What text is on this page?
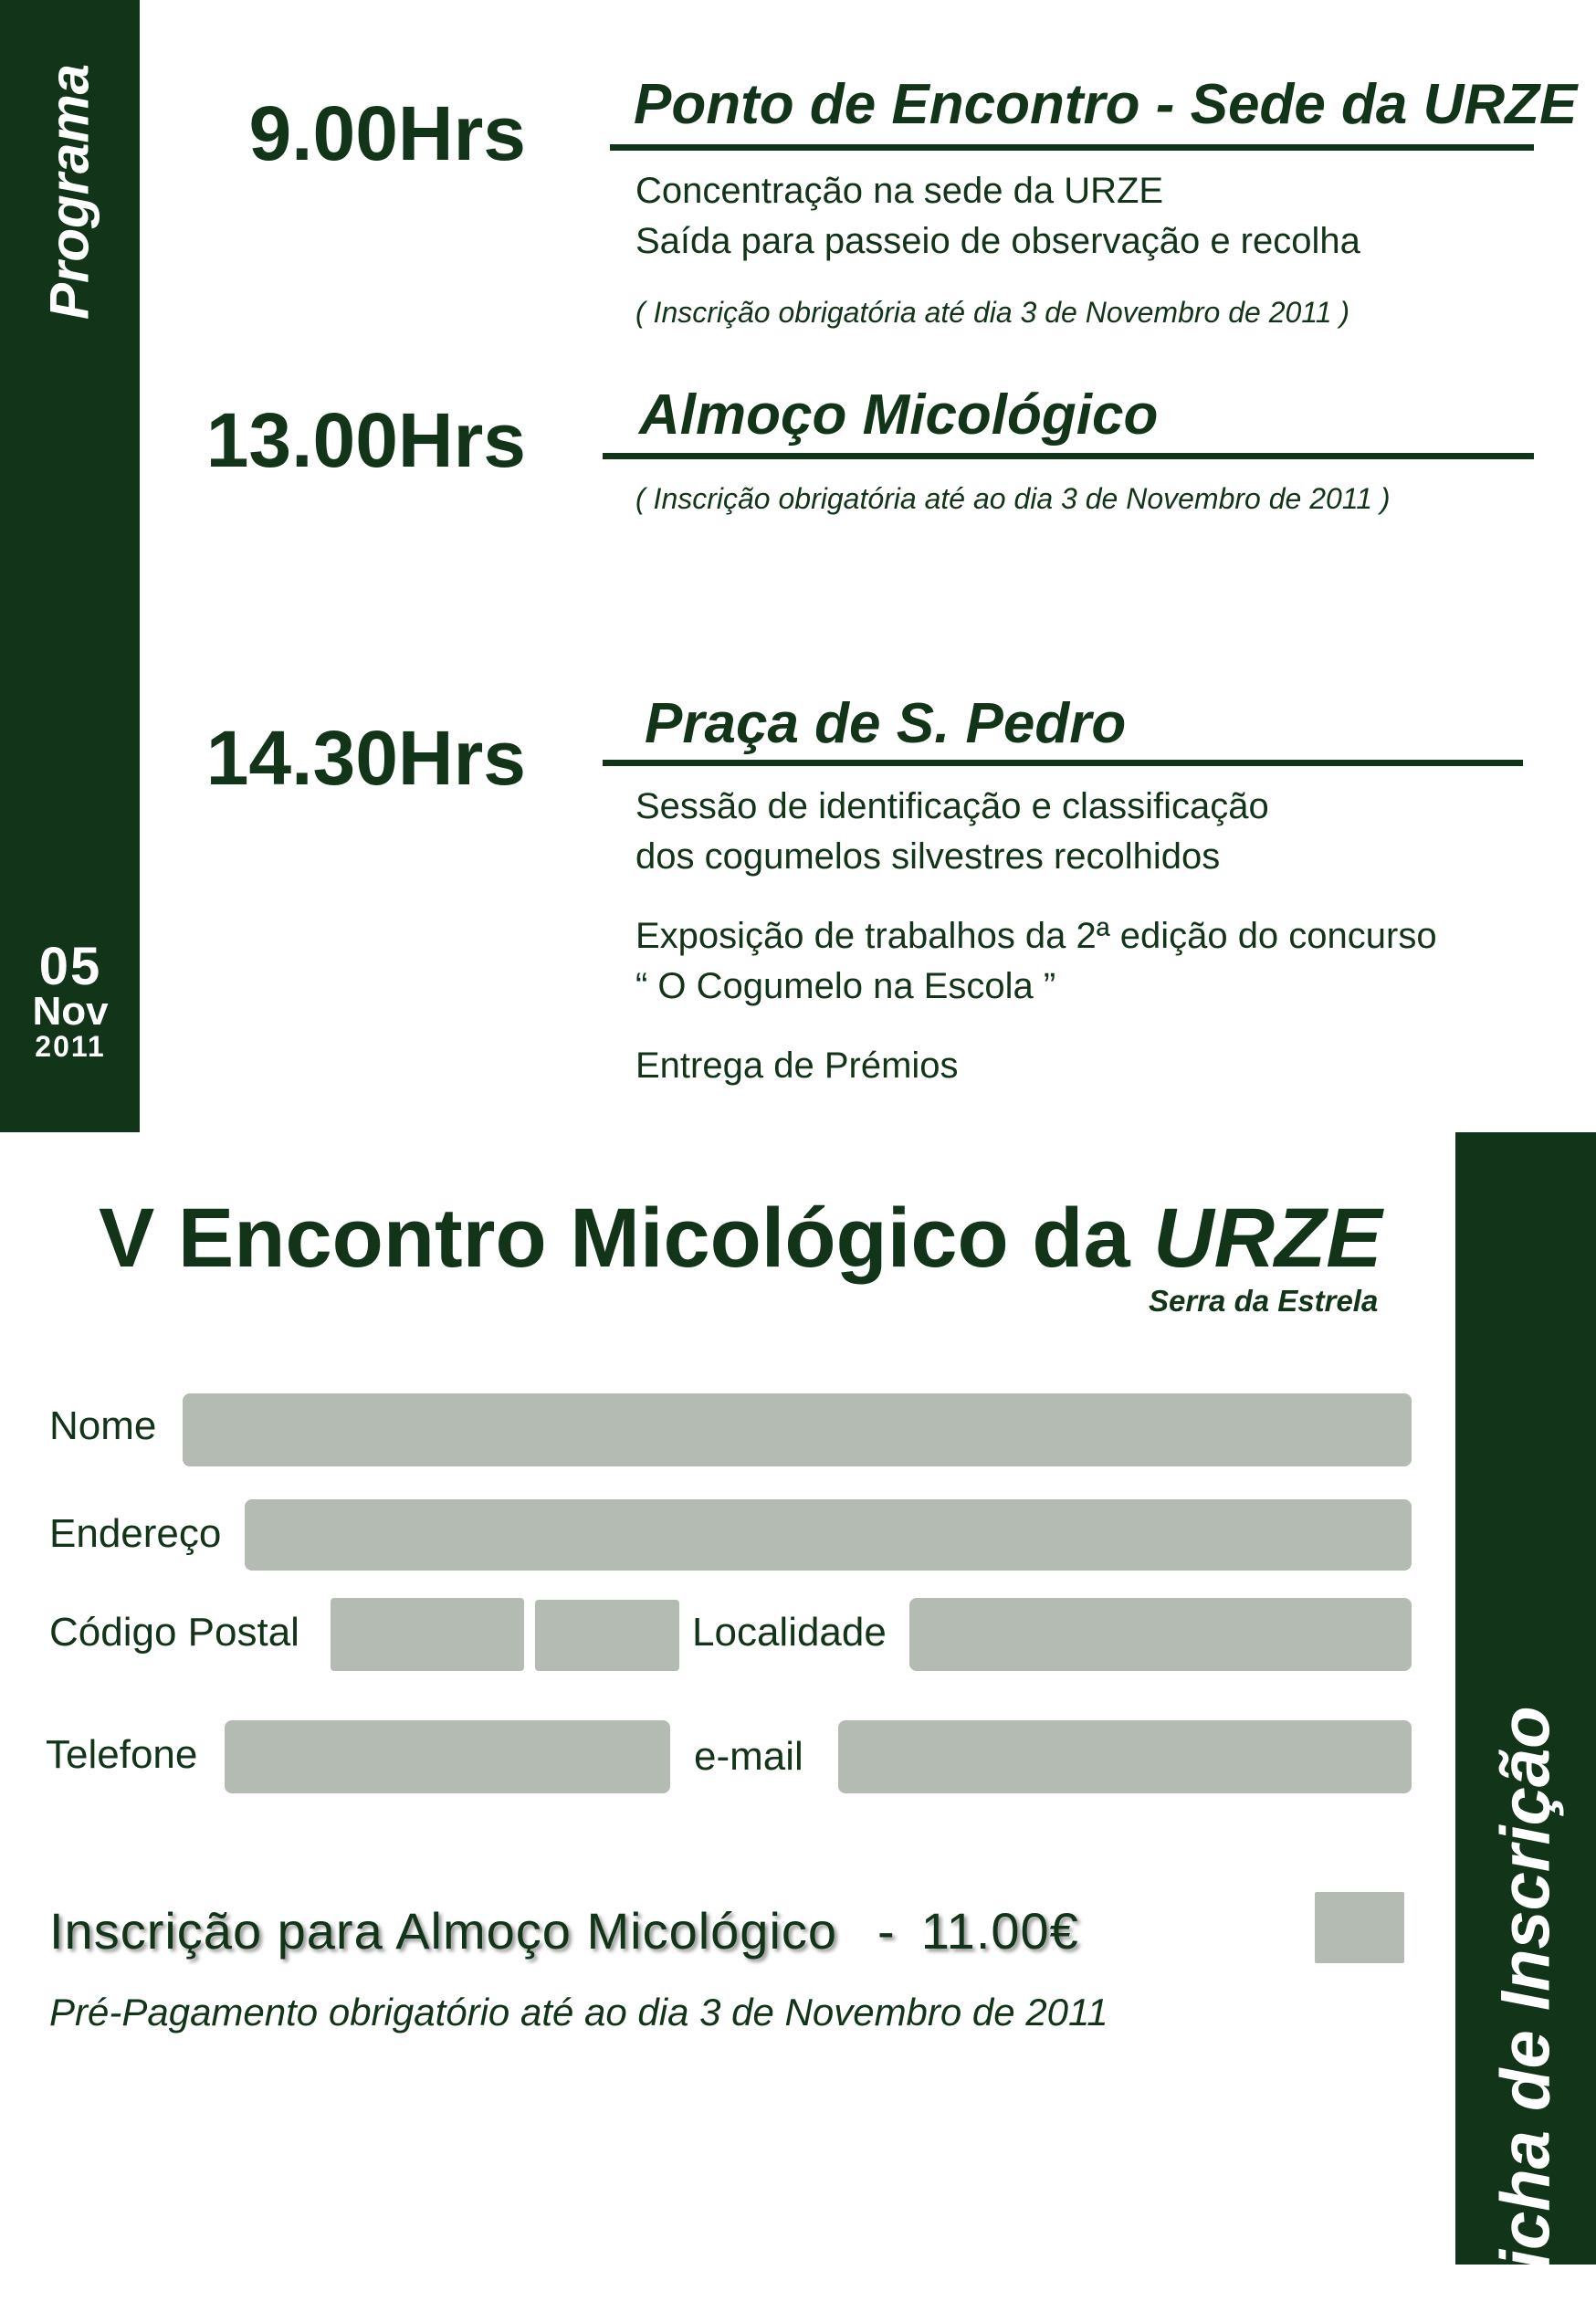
Programa
05
Nov
2011
9.00Hrs Ponto de Encontro - Sede da URZE
Concentração na sede da URZE
Saída para passeio de observação e recolha
( Inscrição obrigatória até dia 3 de Novembro de 2011 )
13.00Hrs Almoço Micológico
( Inscrição obrigatória até ao dia 3 de Novembro de 2011 )
14.30Hrs Praça de S. Pedro
Sessão de identificação e classificação
dos cogumelos silvestres recolhidos
Exposição de trabalhos da 2ª edição do concurso
“ O Cogumelo na Escola ”
Entrega de Prémios
Ficha de Inscrição
V Encontro Micológico da URZE
Serra da Estrela
Nome
Endereço
Código Postal	Localidade
Telefone	e-mail
Inscrição para Almoço Micológico - 11.00€
Pré-Pagamento obrigatório até ao dia 3 de Novembro de 2011
